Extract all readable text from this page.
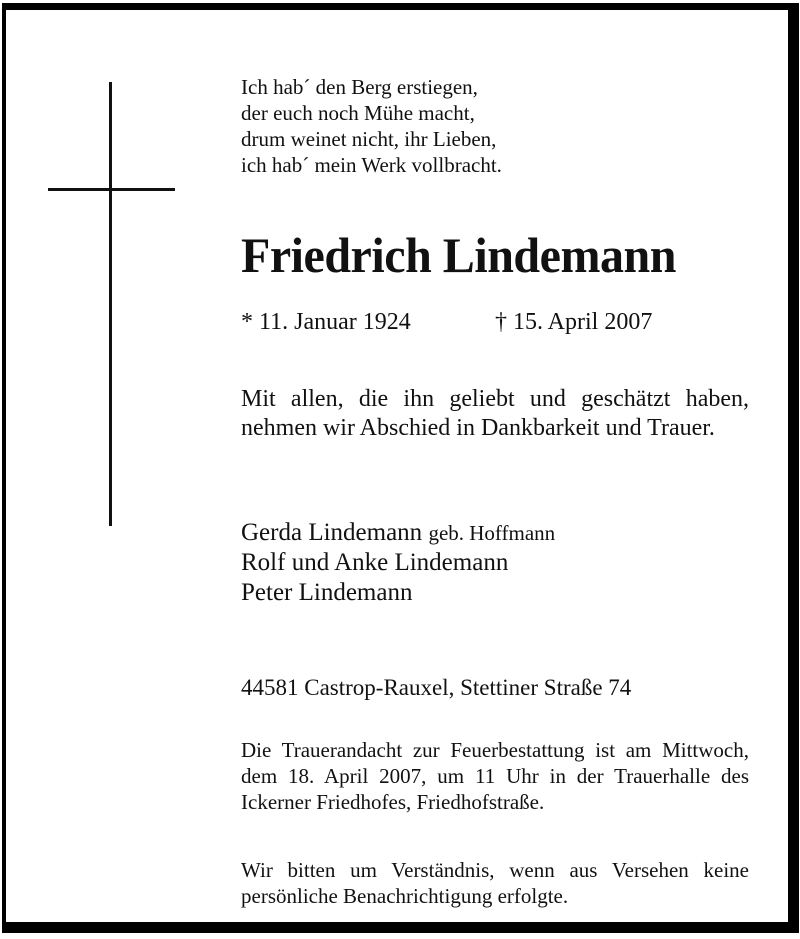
Ich hab´ den Berg erstiegen,
der euch noch Mühe macht,
drum weinet nicht, ihr Lieben,
ich hab´ mein Werk vollbracht.
Friedrich Lindemann
* 11. Januar 1924	† 15. April 2007
Mit allen, die ihn geliebt und geschätzt haben, nehmen wir Abschied in Dankbarkeit und Trauer.
Gerda Lindemann geb. Hoffmann
Rolf und Anke Lindemann
Peter Lindemann
44581 Castrop-Rauxel, Stettiner Straße 74
Die Trauerandacht zur Feuerbestattung ist am Mittwoch, dem 18. April 2007, um 11 Uhr in der Trauerhalle des Ickerner Friedhofes, Friedhofstraße.
Wir bitten um Verständnis, wenn aus Versehen keine persönliche Benachrichtigung erfolgte.
